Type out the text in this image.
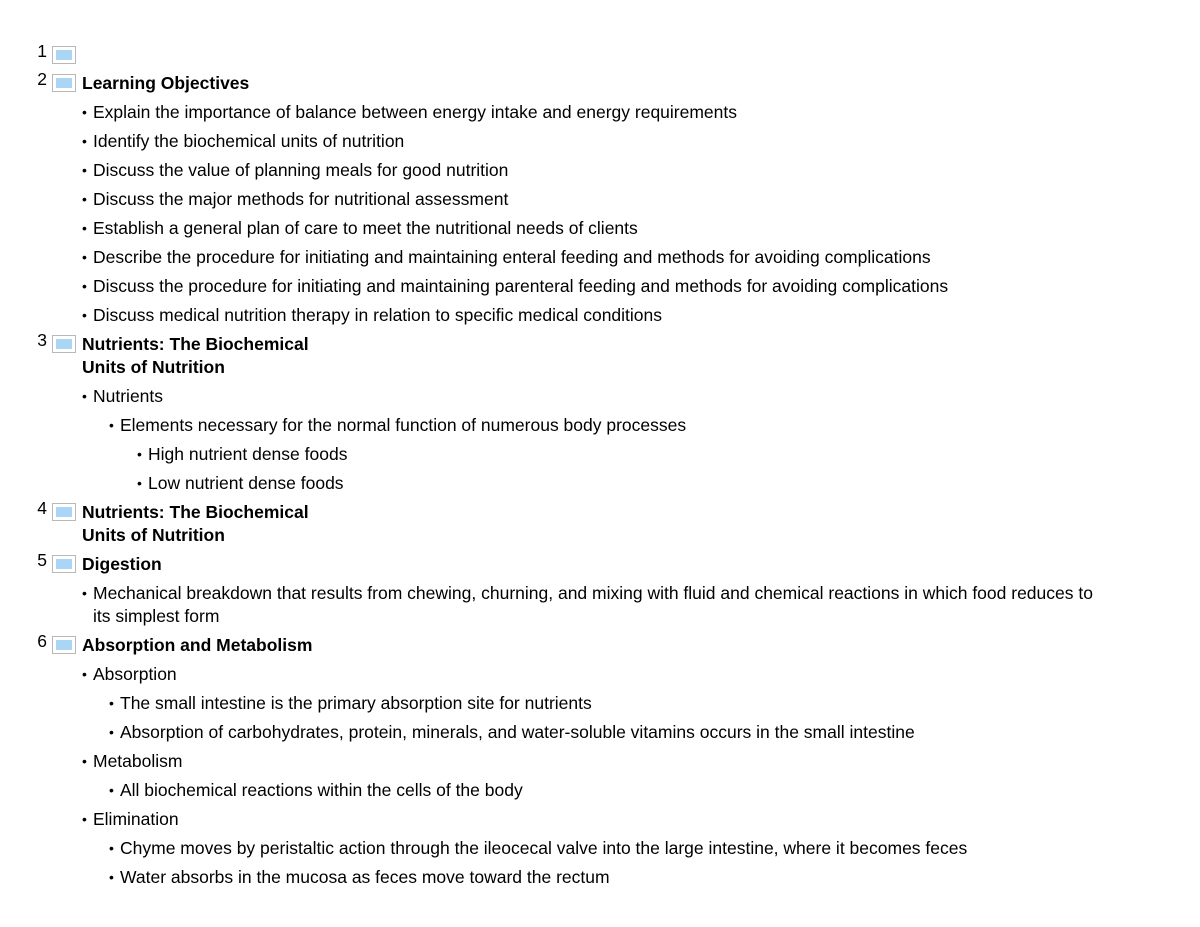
1
2 Learning Objectives
• Explain the importance of balance between energy intake and energy requirements
• Identify the biochemical units of nutrition
• Discuss the value of planning meals for good nutrition
• Discuss the major methods for nutritional assessment
• Establish a general plan of care to meet the nutritional needs of clients
• Describe the procedure for initiating and maintaining enteral feeding and methods for avoiding complications
• Discuss the procedure for initiating and maintaining parenteral feeding and methods for avoiding complications
• Discuss medical nutrition therapy in relation to specific medical conditions
3 Nutrients: The Biochemical
Units of Nutrition
• Nutrients
• Elements necessary for the normal function of numerous body processes
• High nutrient dense foods
• Low nutrient dense foods
4 Nutrients: The Biochemical
Units of Nutrition
5 Digestion
• Mechanical breakdown that results from chewing, churning, and mixing with fluid and chemical reactions in which food reduces to its simplest form
6 Absorption and Metabolism
• Absorption
• The small intestine is the primary absorption site for nutrients
• Absorption of carbohydrates, protein, minerals, and water-soluble vitamins occurs in the small intestine
• Metabolism
• All biochemical reactions within the cells of the body
• Elimination
• Chyme moves by peristaltic action through the ileocecal valve into the large intestine, where it becomes feces
• Water absorbs in the mucosa as feces move toward the rectum
